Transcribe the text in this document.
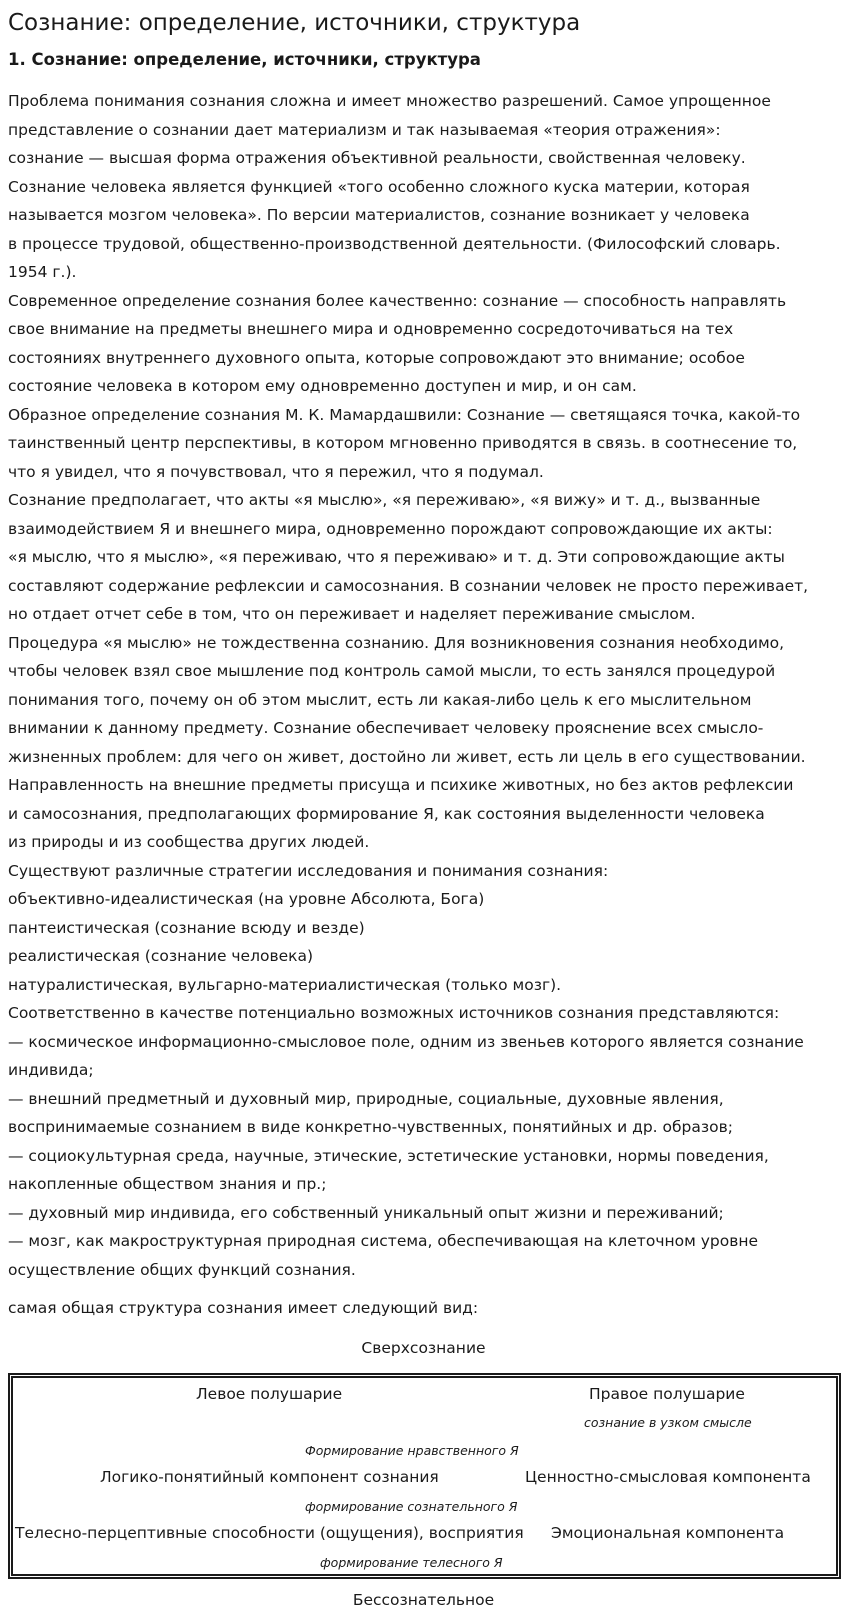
Сознание: определение, источники, структура
1. Сознание: определение, источники, структура
Проблема понимания сознания сложна и имеет множество разрешений. Самое упрощенное
представление о сознании дает материализм и так называемая «теория отражения»:
сознание — высшая форма отражения объективной реальности, свойственная человеку.
Сознание человека является функцией «того особенно сложного куска материи, которая
называется мозгом человека». По версии материалистов, сознание возникает у человека
в процессе трудовой, общественно-производственной деятельности. (Философский словарь.
1954 г.).
Современное определение сознания более качественно: сознание — способность направлять
свое внимание на предметы внешнего мира и одновременно сосредоточиваться на тех
состояниях внутреннего духовного опыта, которые сопровождают это внимание; особое
состояние человека в котором ему одновременно доступен и мир, и он сам.
Образное определение сознания М. К. Мамардашвили: Сознание — светящаяся точка, какой-то
таинственный центр перспективы, в котором мгновенно приводятся в связь. в соотнесение то,
что я увидел, что я почувствовал, что я пережил, что я подумал.
Сознание предполагает, что акты «я мыслю», «я переживаю», «я вижу» и т. д., вызванные
взаимодействием Я и внешнего мира, одновременно порождают сопровождающие их акты:
«я мыслю, что я мыслю», «я переживаю, что я переживаю» и т. д. Эти сопровождающие акты
составляют содержание рефлексии и самосознания. В сознании человек не просто переживает,
но отдает отчет себе в том, что он переживает и наделяет переживание смыслом.
Процедура «я мыслю» не тождественна сознанию. Для возникновения сознания необходимо,
чтобы человек взял свое мышление под контроль самой мысли, то есть занялся процедурой
понимания того, почему он об этом мыслит, есть ли какая-либо цель к его мыслительном
внимании к данному предмету. Сознание обеспечивает человеку прояснение всех смысло-
жизненных проблем: для чего он живет, достойно ли живет, есть ли цель в его существовании.
Направленность на внешние предметы присуща и психике животных, но без актов рефлексии
и самосознания, предполагающих формирование Я, как состояния выделенности человека
из природы и из сообщества других людей.
Существуют различные стратегии исследования и понимания сознания:
объективно-идеалистическая (на уровне Абсолюта, Бога)
пантеистическая (сознание всюду и везде)
реалистическая (сознание человека)
натуралистическая, вульгарно-материалистическая (только мозг).
Соответственно в качестве потенциально возможных источников сознания представляются:
— космическое информационно-смысловое поле, одним из звеньев которого является сознание
индивида;
— внешний предметный и духовный мир, природные, социальные, духовные явления,
воспринимаемые сознанием в виде конкретно-чувственных, понятийных и др. образов;
— социокультурная среда, научные, этические, эстетические установки, нормы поведения,
накопленные обществом знания и пр.;
— духовный мир индивида, его собственный уникальный опыт жизни и переживаний;
— мозг, как макроструктурная природная система, обеспечивающая на клеточном уровне
осуществление общих функций сознания.
самая общая структура сознания имеет следующий вид:
Сверхсознание
Левое полушарие	Правое полушарие
сознание в узком смысле
Формирование нравственного Я
Логико-понятийный компонент сознания	Ценностно-смысловая компонента
формирование сознательного Я
Телесно-перцептивные способности (ощущения), восприятия Эмоциональная компонента
формирование телесного Я
Бессознательное
